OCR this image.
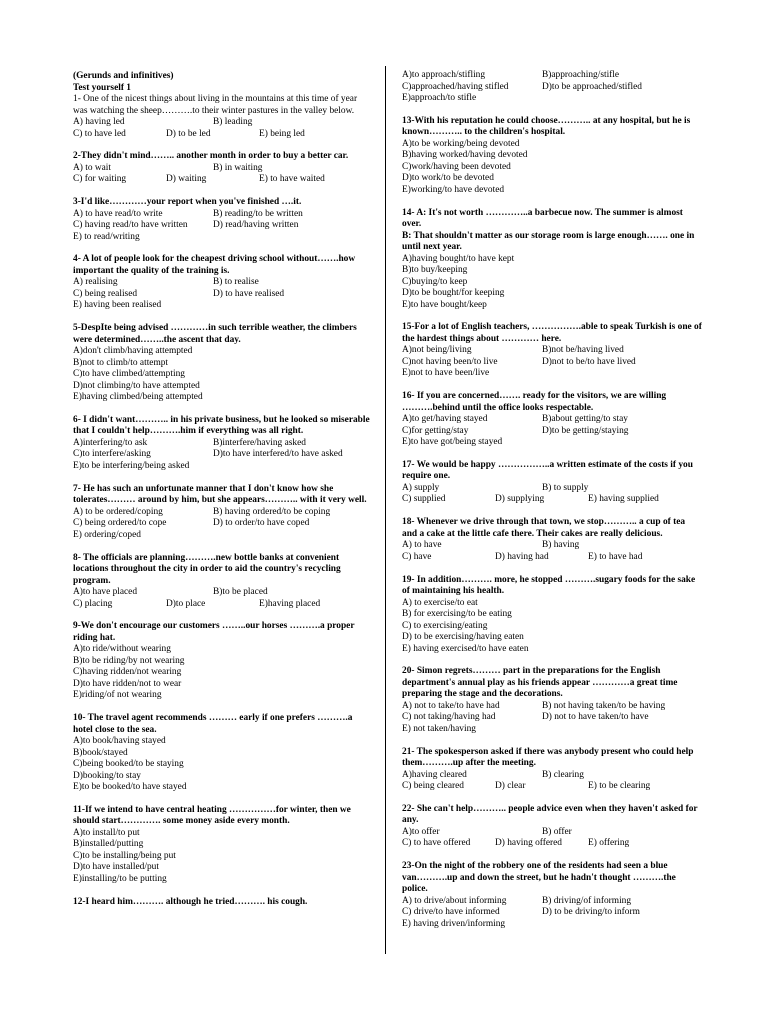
(Gerunds and infinitives)
Test yourself 1
1- One of the nicest things about living in the mountains at this time of year was watching the sheep……….to their winter pastures in the valley below.
A) having led	B) leading
C) to have led	D) to be led	E) being led
2-They didn't mind…….. another month in order to buy a better car.
A) to wait	B) in waiting
C) for waiting	D) waiting	E) to have waited
3-I'd like…………your report when you've finished ….it.
A) to have read/to write	B) reading/to be written
C) having read/to have written	D) read/having written
E) to read/writing
4- A lot of people look for the cheapest driving school without…….how important the quality of the training is.
A) realising	B) to realise
C) being realised	D) to have realised
E) having been realised
5-DespIte being advised …………in such terrible weather, the climbers were determined……..the ascent that day.
A)don't climb/having attempted
B)not to climb/to attempt
C)to have climbed/attempting
D)not climbing/to have attempted
E)having climbed/being attempted
6- I didn't want……….. in his private business, but he looked so miserable that I couldn't help……….him if everything was all right.
A)interfering/to ask	B)interfere/having asked
C)to interfere/asking	D)to have interfered/to have asked
E)to be interfering/being asked
7- He has such an unfortunate manner that I don't know how she tolerates……… around by him, but she appears……….. with it very well.
A) to be ordered/coping	B) having ordered/to be coping
C) being ordered/to cope	D) to order/to have coped
E) ordering/coped
8- The officials are planning……….new bottle banks at convenient locations throughout the city in order to aid the country's recycling program.
A)to have placed	B)to be placed
C) placing	D)to place	E)having placed
9-We don't encourage our customers ……..our horses ……….a proper riding hat.
A)to ride/without wearing
B)to be riding/by not wearing
C)having ridden/not wearing
D)to have ridden/not to wear
E)riding/of not wearing
10- The travel agent recommends ……… early if one prefers ……….a hotel close to the sea.
A)to book/having stayed
B)book/stayed
C)being booked/to be staying
D)booking/to stay
E)to be booked/to have stayed
11-If we intend to have central heating ……………for winter, then we should start…………. some money aside every month.
A)to install/to put
B)installed/putting
C)to be installing/being put
D)to have installed/put
E)installing/to be putting
12-I heard him………. although he tried………. his cough.
A)to approach/stifling	B)approaching/stifle
C)approached/having stifled	D)to be approached/stifled
E)approach/to stifle
13-With his reputation he could choose……….. at any hospital, but he is known……….. to the children's hospital.
A)to be working/being devoted
B)having worked/having devoted
C)work/having been devoted
D)to work/to be devoted
E)working/to have devoted
14- A: It's not worth …………..a barbecue now. The summer is almost over.
B: That shouldn't matter as our storage room is large enough……. one in until next year.
A)having bought/to have kept
B)to buy/keeping
C)buying/to keep
D)to be bought/for keeping
E)to have bought/keep
15-For a lot of English teachers, …………….able to speak Turkish is one of the hardest things about ………… here.
A)not being/living	B)not be/having lived
C)not having been/to live	D)not to be/to have lived
E)not to have been/live
16- If you are concerned……. ready for the visitors, we are willing ……….behind until the office looks respectable.
A)to get/having stayed	B)about getting/to stay
C)for getting/stay	D)to be getting/staying
E)to have got/being stayed
17- We would be happy ……………..a written estimate of the costs if you require one.
A) supply	B) to supply
C) supplied	D) supplying	E) having supplied
18- Whenever we drive through that town, we stop……….. a cup of tea and a cake at the little cafe there. Their cakes are really delicious.
A) to have	B) having
C) have	D) having had	E) to have had
19- In addition………. more, he stopped ……….sugary foods for the sake of maintaining his health.
A) to exercise/to eat
B) for exercising/to be eating
C) to exercising/eating
D) to be exercising/having eaten
E) having exercised/to have eaten
20- Simon regrets……… part in the preparations for the English department's annual play as his friends appear …………a great time preparing the stage and the decorations.
A) not to take/to have had	B) not having taken/to be having
C) not taking/having had	D) not to have taken/to have
E) not taken/having
21- The spokesperson asked if there was anybody present who could help them……….up after the meeting.
A)having cleared	B) clearing
C) being cleared	D) clear	E) to be clearing
22- She can't help……….. people advice even when they haven't asked for any.
A)to offer	B) offer
C) to have offered	D) having offered	E) offering
23-On the night of the robbery one of the residents had seen a blue van……….up and down the street, but he hadn't thought ……….the police.
A) to drive/about informing	B) driving/of informing
C) drive/to have informed	D) to be driving/to inform
E) having driven/informing
